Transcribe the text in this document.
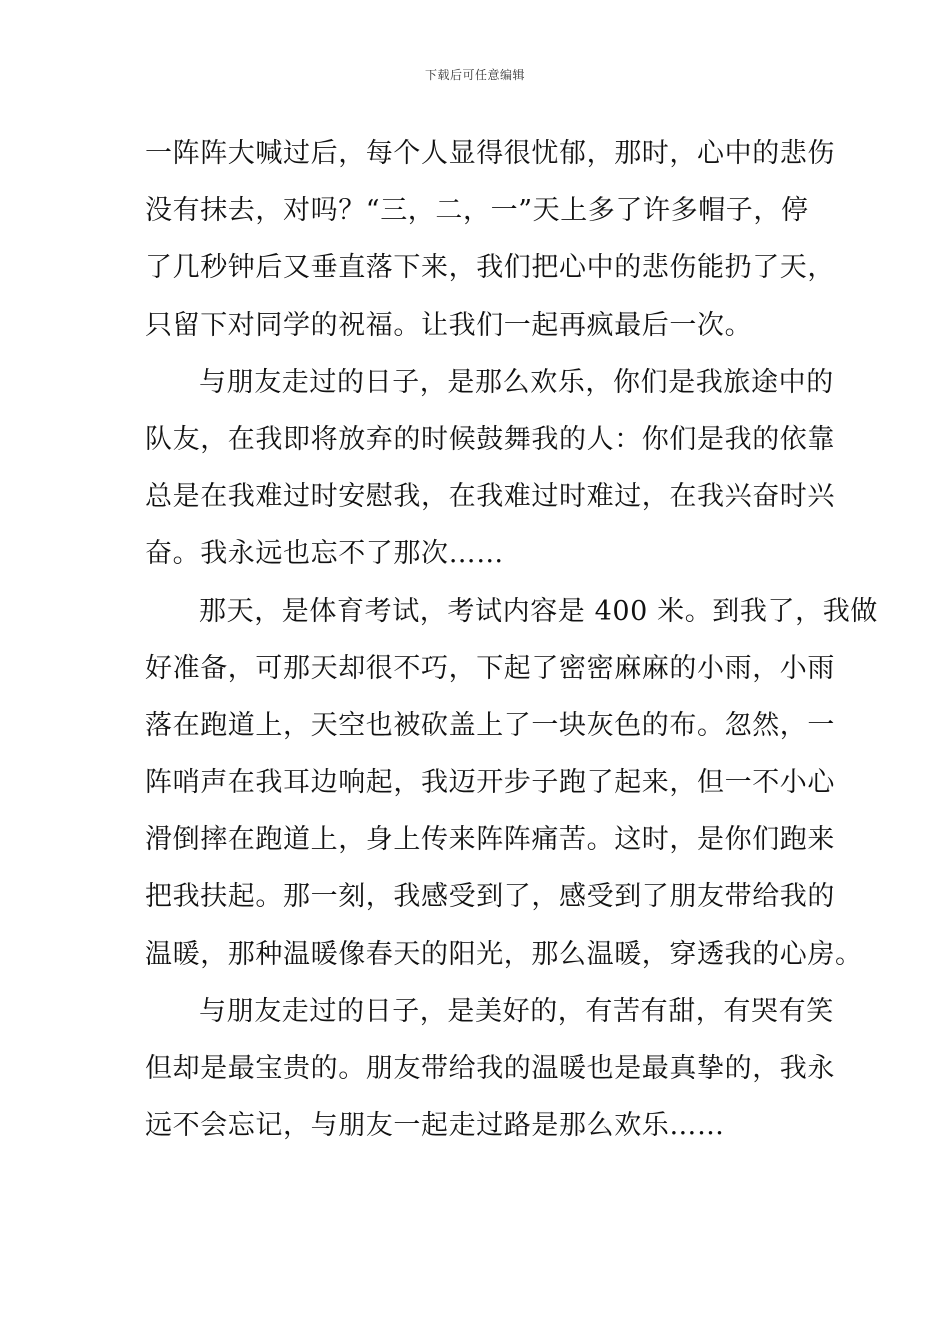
下载后可任意编辑
一阵阵大喊过后，每个人显得很忧郁，那时，心中的悲伤
没有抹去，对吗？“三，二，一”天上多了许多帽子，停
了几秒钟后又垂直落下来，我们把心中的悲伤能扔了天，
只留下对同学的祝福。让我们一起再疯最后一次。
与朋友走过的日子，是那么欢乐，你们是我旅途中的
队友，在我即将放弃的时候鼓舞我的人：你们是我的依靠
总是在我难过时安慰我，在我难过时难过，在我兴奋时兴
奋。我永远也忘不了那次……
那天，是体育考试，考试内容是 400 米。到我了，我做
好准备，可那天却很不巧，下起了密密麻麻的小雨，小雨
落在跑道上，天空也被砍盖上了一块灰色的布。忽然，一
阵哨声在我耳边响起，我迈开步子跑了起来，但一不小心
滑倒摔在跑道上，身上传来阵阵痛苦。这时，是你们跑来
把我扶起。那一刻，我感受到了，感受到了朋友带给我的
温暖，那种温暖像春天的阳光，那么温暖，穿透我的心房。
与朋友走过的日子，是美好的，有苦有甜，有哭有笑
但却是最宝贵的。朋友带给我的温暖也是最真挚的，我永
远不会忘记，与朋友一起走过路是那么欢乐……
